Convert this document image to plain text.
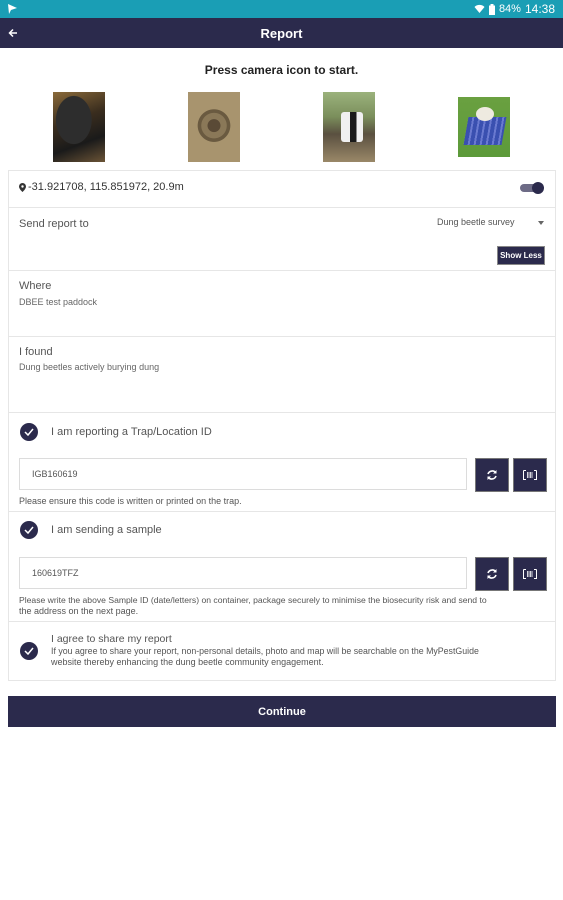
84% 14:38
Report
Press camera icon to start.
-31.921708, 115.851972, 20.9m
Send report to	Dung beetle survey
Show Less
Where
DBEE test paddock
I found
Dung beetles actively burying dung
I am reporting a Trap/Location ID
IGB160619
Please ensure this code is written or printed on the trap.
I am sending a sample
160619TFZ
Please write the above Sample ID (date/letters) on container, package securely to minimise the biosecurity risk and send to
the address on the next page.
I agree to share my report
If you agree to share your report, non-personal details, photo and map will be searchable on the MyPestGuide
website thereby enhancing the dung beetle community engagement.
Continue
